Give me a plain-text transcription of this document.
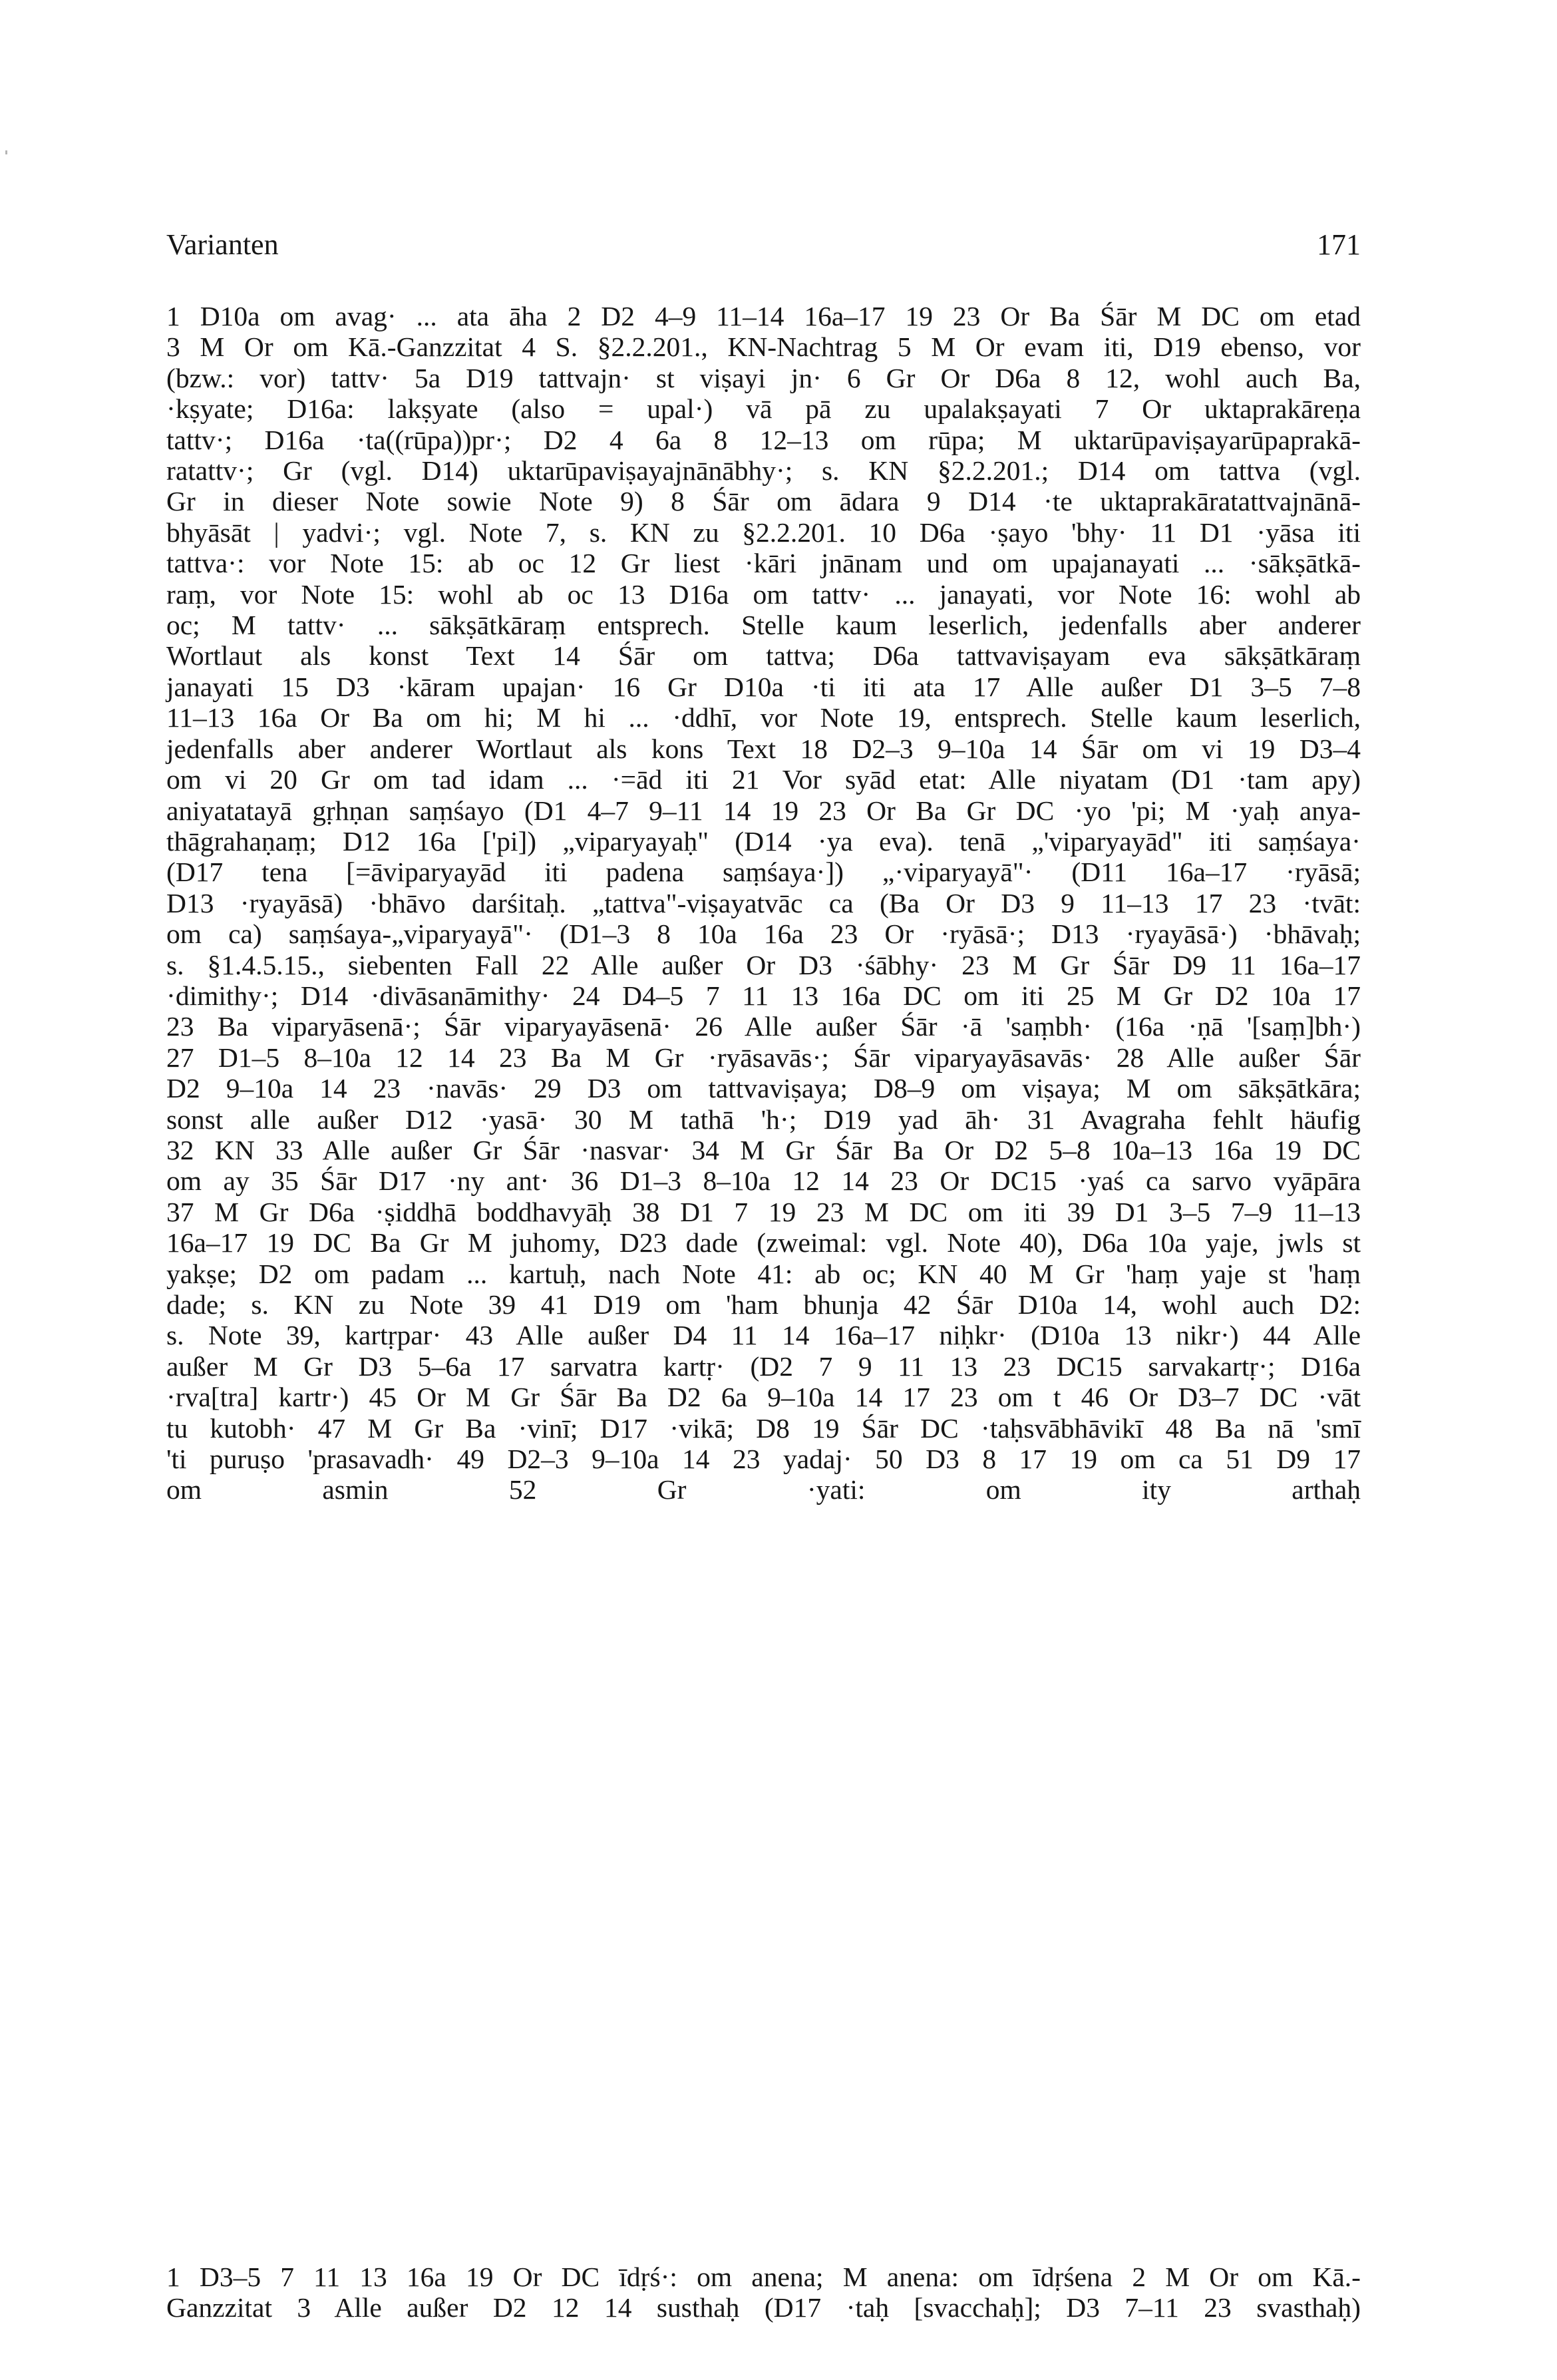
Varianten	171
1 D10a om avag· ... ata āha 2 D2 4–9 11–14 16a–17 19 23 Or Ba Śār M DC om etad
3 M Or om Kā.-Ganzzitat 4 S. §2.2.201., KN-Nachtrag 5 M Or evam iti, D19 ebenso, vor
(bzw.: vor) tattv· 5a D19 tattvajn· st viṣayi jn· 6 Gr Or D6a 8 12, wohl auch Ba,
·kṣyate; D16a: lakṣyate (also = upal·) vā pā zu upalakṣayati 7 Or uktaprakāreṇa
tattv·; D16a ·ta((rūpa))pr·; D2 4 6a 8 12–13 om rūpa; M uktarūpaviṣayarūpaprakā-
ratattv·; Gr (vgl. D14) uktarūpaviṣayajnānābhy·; s. KN §2.2.201.; D14 om tattva (vgl.
Gr in dieser Note sowie Note 9) 8 Śār om ādara 9 D14 ·te uktaprakāratattvajnānā-
bhyāsāt | yadvi·; vgl. Note 7, s. KN zu §2.2.201. 10 D6a ·ṣayo 'bhy· 11 D1 ·yāsa iti
tattva·: vor Note 15: ab oc 12 Gr liest ·kāri jnānam und om upajanayati ... ·sākṣātkā-
raṃ, vor Note 15: wohl ab oc 13 D16a om tattv· ... janayati, vor Note 16: wohl ab
oc; M tattv· ... sākṣātkāraṃ entsprech. Stelle kaum leserlich, jedenfalls aber anderer
Wortlaut als konst Text 14 Śār om tattva; D6a tattvaviṣayam eva sākṣātkāraṃ
janayati 15 D3 ·kāram upajan· 16 Gr D10a ·ti iti ata 17 Alle außer D1 3–5 7–8
11–13 16a Or Ba om hi; M hi ... ·ddhī, vor Note 19, entsprech. Stelle kaum leserlich,
jedenfalls aber anderer Wortlaut als kons Text 18 D2–3 9–10a 14 Śār om vi 19 D3–4
om vi 20 Gr om tad idam ... ·=ād iti 21 Vor syād etat: Alle niyatam (D1 ·tam apy)
aniyatatayā gṛhṇan saṃśayo (D1 4–7 9–11 14 19 23 Or Ba Gr DC ·yo 'pi; M ·yaḥ anya-
thāgrahaṇaṃ; D12 16a ['pi]) „viparyayaḥ" (D14 ·ya eva). tenā „'viparyayād" iti saṃśaya·
(D17 tena [=āviparyayād iti padena saṃśaya·]) „·viparyayā"· (D11 16a–17 ·ryāsā;
D13 ·ryayāsā) ·bhāvo darśitaḥ. „tattva"-viṣayatvāc ca (Ba Or D3 9 11–13 17 23 ·tvāt:
om ca) saṃśaya-„viparyayā"· (D1–3 8 10a 16a 23 Or ·ryāsā·; D13 ·ryayāsā·) ·bhāvaḥ;
s. §1.4.5.15., siebenten Fall 22 Alle außer Or D3 ·śābhy· 23 M Gr Śār D9 11 16a–17
·dimithy·; D14 ·divāsanāmithy· 24 D4–5 7 11 13 16a DC om iti 25 M Gr D2 10a 17
23 Ba viparyāsenā·; Śār viparyayāsenā· 26 Alle außer Śār ·ā 'saṃbh· (16a ·ṇā '[saṃ]bh·)
27 D1–5 8–10a 12 14 23 Ba M Gr ·ryāsavās·; Śār viparyayāsavās· 28 Alle außer Śār
D2 9–10a 14 23 ·navās· 29 D3 om tattvaviṣaya; D8–9 om viṣaya; M om sākṣātkāra;
sonst alle außer D12 ·yasā· 30 M tathā 'h·; D19 yad āh· 31 Avagraha fehlt häufig
32 KN 33 Alle außer Gr Śār ·nasvar· 34 M Gr Śār Ba Or D2 5–8 10a–13 16a 19 DC
om ay 35 Śār D17 ·ny ant· 36 D1–3 8–10a 12 14 23 Or DC15 ·yaś ca sarvo vyāpāra
37 M Gr D6a ·ṣiddhā boddhavyāḥ 38 D1 7 19 23 M DC om iti 39 D1 3–5 7–9 11–13
16a–17 19 DC Ba Gr M juhomy, D23 dade (zweimal: vgl. Note 40), D6a 10a yaje, jwls st
yakṣe; D2 om padam ... kartuḥ, nach Note 41: ab oc; KN 40 M Gr 'haṃ yaje st 'haṃ
dade; s. KN zu Note 39 41 D19 om 'ham bhunja 42 Śār D10a 14, wohl auch D2:
s. Note 39, kartṛpar· 43 Alle außer D4 11 14 16a–17 niḥkr· (D10a 13 nikr·) 44 Alle
außer M Gr D3 5–6a 17 sarvatra kartṛ· (D2 7 9 11 13 23 DC15 sarvakartṛ·; D16a
·rva[tra] kartr·) 45 Or M Gr Śār Ba D2 6a 9–10a 14 17 23 om t 46 Or D3–7 DC ·vāt
tu kutobh· 47 M Gr Ba ·vinī; D17 ·vikā; D8 19 Śār DC ·taḥsvābhāvikī 48 Ba nā 'smī
'ti puruṣo 'prasavadh· 49 D2–3 9–10a 14 23 yadaj· 50 D3 8 17 19 om ca 51 D9 17
om asmin 52 Gr ·yati: om ity arthaḥ
1 D3–5 7 11 13 16a 19 Or DC īdṛś·: om anena; M anena: om īdṛśena 2 M Or om Kā.-
Ganzzitat 3 Alle außer D2 12 14 susthaḥ (D17 ·taḥ [svacchaḥ]; D3 7–11 23 svasthaḥ)
